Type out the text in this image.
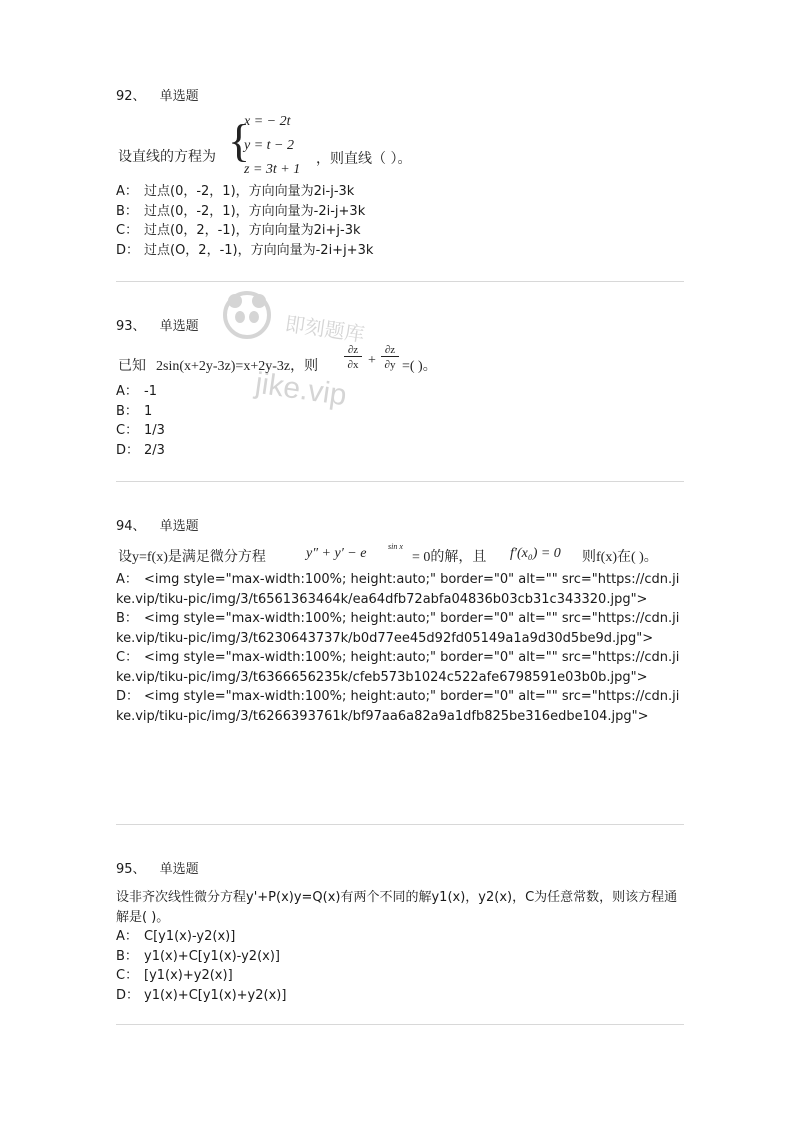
92、 单选题
设直线的方程为 {
x = − 2t
y = t − 2
z = 3t + 1
，则直线（ ）。
A： 过点(0，-2，1)，方向向量为2i-j-3k
B： 过点(0，-2，1)，方向向量为-2i-j+3k
C： 过点(0，2，-1)，方向向量为2i+j-3k
D： 过点(O，2，-1)，方向向量为-2i+j+3k
即刻题库
jike.vip
93、 单选题
已知 2sin(x+2y-3z)=x+2y-3z，则
∂z
∂x +
∂z
∂y =( )。
A： -1
B： 1
C： 1/3
D： 2/3
94、 单选题
设y=f(x)是满足微分方程	y″ + y′ − e	sin x
= 0的解，且 f′(x₀) = 0 则f(x)在( )。
A： <img style="max-width:100%; height:auto;" border="0" alt="" src="https://cdn.jike.vip/tiku-pic/img/3/t6561363464k/ea64dfb72abfa04836b03cb31c343320.jpg">
B： <img style="max-width:100%; height:auto;" border="0" alt="" src="https://cdn.jike.vip/tiku-pic/img/3/t6230643737k/b0d77ee45d92fd05149a1a9d30d5be9d.jpg">
C： <img style="max-width:100%; height:auto;" border="0" alt="" src="https://cdn.jike.vip/tiku-pic/img/3/t6366656235k/cfeb573b1024c522afe6798591e03b0b.jpg">
D： <img style="max-width:100%; height:auto;" border="0" alt="" src="https://cdn.jike.vip/tiku-pic/img/3/t6266393761k/bf97aa6a82a9a1dfb825be316edbe104.jpg">
95、 单选题
设非齐次线性微分方程y'+P(x)y=Q(x)有两个不同的解y1(x)，y2(x)，C为任意常数，则该方程通解是( )。
A： C[y1(x)-y2(x)]
B： y1(x)+C[y1(x)-y2(x)]
C： [y1(x)+y2(x)]
D： y1(x)+C[y1(x)+y2(x)]
